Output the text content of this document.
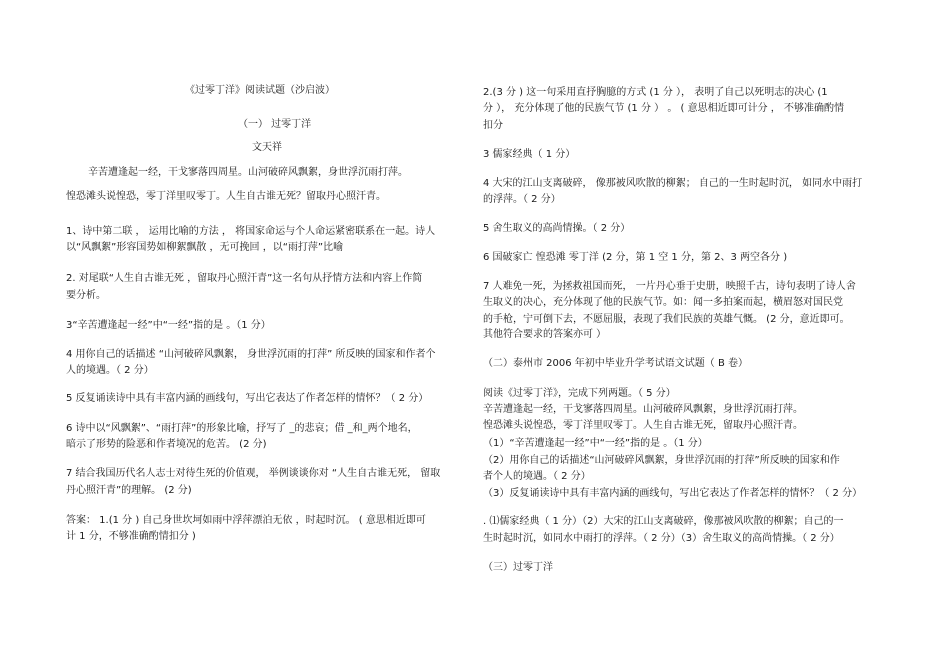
《过零丁洋》阅读试题（沙启波）

（一） 过零丁洋

文天祥

辛苦遭逢起一经，干戈寥落四周星。山河破碎风飘絮，身世浮沉雨打萍。

惶恐滩头说惶恐，零丁洋里叹零丁。人生自古谁无死？留取丹心照汗青。

1、诗中第二联 ， 运用比喻的方法 ， 将国家命运与个人命运紧密联系在一起。诗人

以“风飘絮”形容国势如柳絮飘散 ，无可挽回 ，以“雨打萍”比喻

2. 对尾联“人生自古谁无死 ，留取丹心照汗青”这一名句从抒情方法和内容上作简

要分析。

3“辛苦遭逢起一经”中“一经”指的是 。（1 分）

4 用你自己的话描述 “山河破碎风飘絮， 身世浮沉雨的打萍” 所反映的国家和作者个

人的境遇。（ 2 分）

5 反复诵读诗中具有丰富内涵的画线句，写出它表达了作者怎样的情怀？（ 2 分）

6 诗中以“风飘絮”、“雨打萍”的形象比喻，抒写了 _的悲哀；借 _和_两个地名，

暗示了形势的险恶和作者境况的危苦。 (2 分)

7 结合我国历代名人志士对待生死的价值观， 举例谈谈你对 “人生自古谁无死， 留取

丹心照汗青”的理解。 (2 分)

答案： 1.(1 分 ) 自己身世坎坷如雨中浮萍漂泊无依 ，时起时沉。 ( 意思相近即可

计 1 分，不够准确酌情扣分 )

2.(3 分 ) 这一句采用直抒胸臆的方式 (1 分 ）， 表明了自己以死明志的决心 (1

分 ）， 充分体现了他的民族气节 (1 分 ） 。 ( 意思相近即可计分 ， 不够准确酌情

扣分

3 儒家经典（ 1 分）

4 大宋的江山支离破碎， 像那被风吹散的柳絮； 自己的一生时起时沉， 如同水中雨打

的浮萍。（ 2 分）

5 舍生取义的高尚情操。（ 2 分）

6 国破家亡 惶恐滩 零丁洋 (2 分，第 1 空 1 分，第 2、3 两空各分 )

7 人难免一死，为拯救祖国而死， 一片丹心垂于史册，映照千古，诗句表明了诗人舍

生取义的决心，充分体现了他的民族气节。如：闻一多拍案而起，横眉怒对国民党

的手枪，宁可倒下去，不愿屈服，表现了我们民族的英雄气慨。 (2 分，意近即可。

其他符合要求的答案亦可 ）

（二）泰州市 2006 年初中毕业升学考试语文试题（ B 卷）

阅读《过零丁洋》，完成下列两题。（ 5 分）

辛苦遭逢起一经，干戈寥落四周星。山河破碎风飘絮，身世浮沉雨打萍。

惶恐滩头说惶恐，零丁洋里叹零丁。人生自古谁无死，留取丹心照汗青。

（1）“辛苦遭逢起一经”中“一经”指的是 。（1 分）

（2）用你自己的话描述“山河破碎风飘絮，身世浮沉雨的打萍”所反映的国家和作

者个人的境遇。（ 2 分）

（3）反复诵读诗中具有丰富内涵的画线句，写出它表达了作者怎样的情怀？（ 2 分）

. ⑴儒家经典（ 1 分）（2）大宋的江山支离破碎，像那被风吹散的柳絮；自己的一

生时起时沉，如同水中雨打的浮萍。（ 2 分）（3）舍生取义的高尚情操。（ 2 分）

（三）过零丁洋
